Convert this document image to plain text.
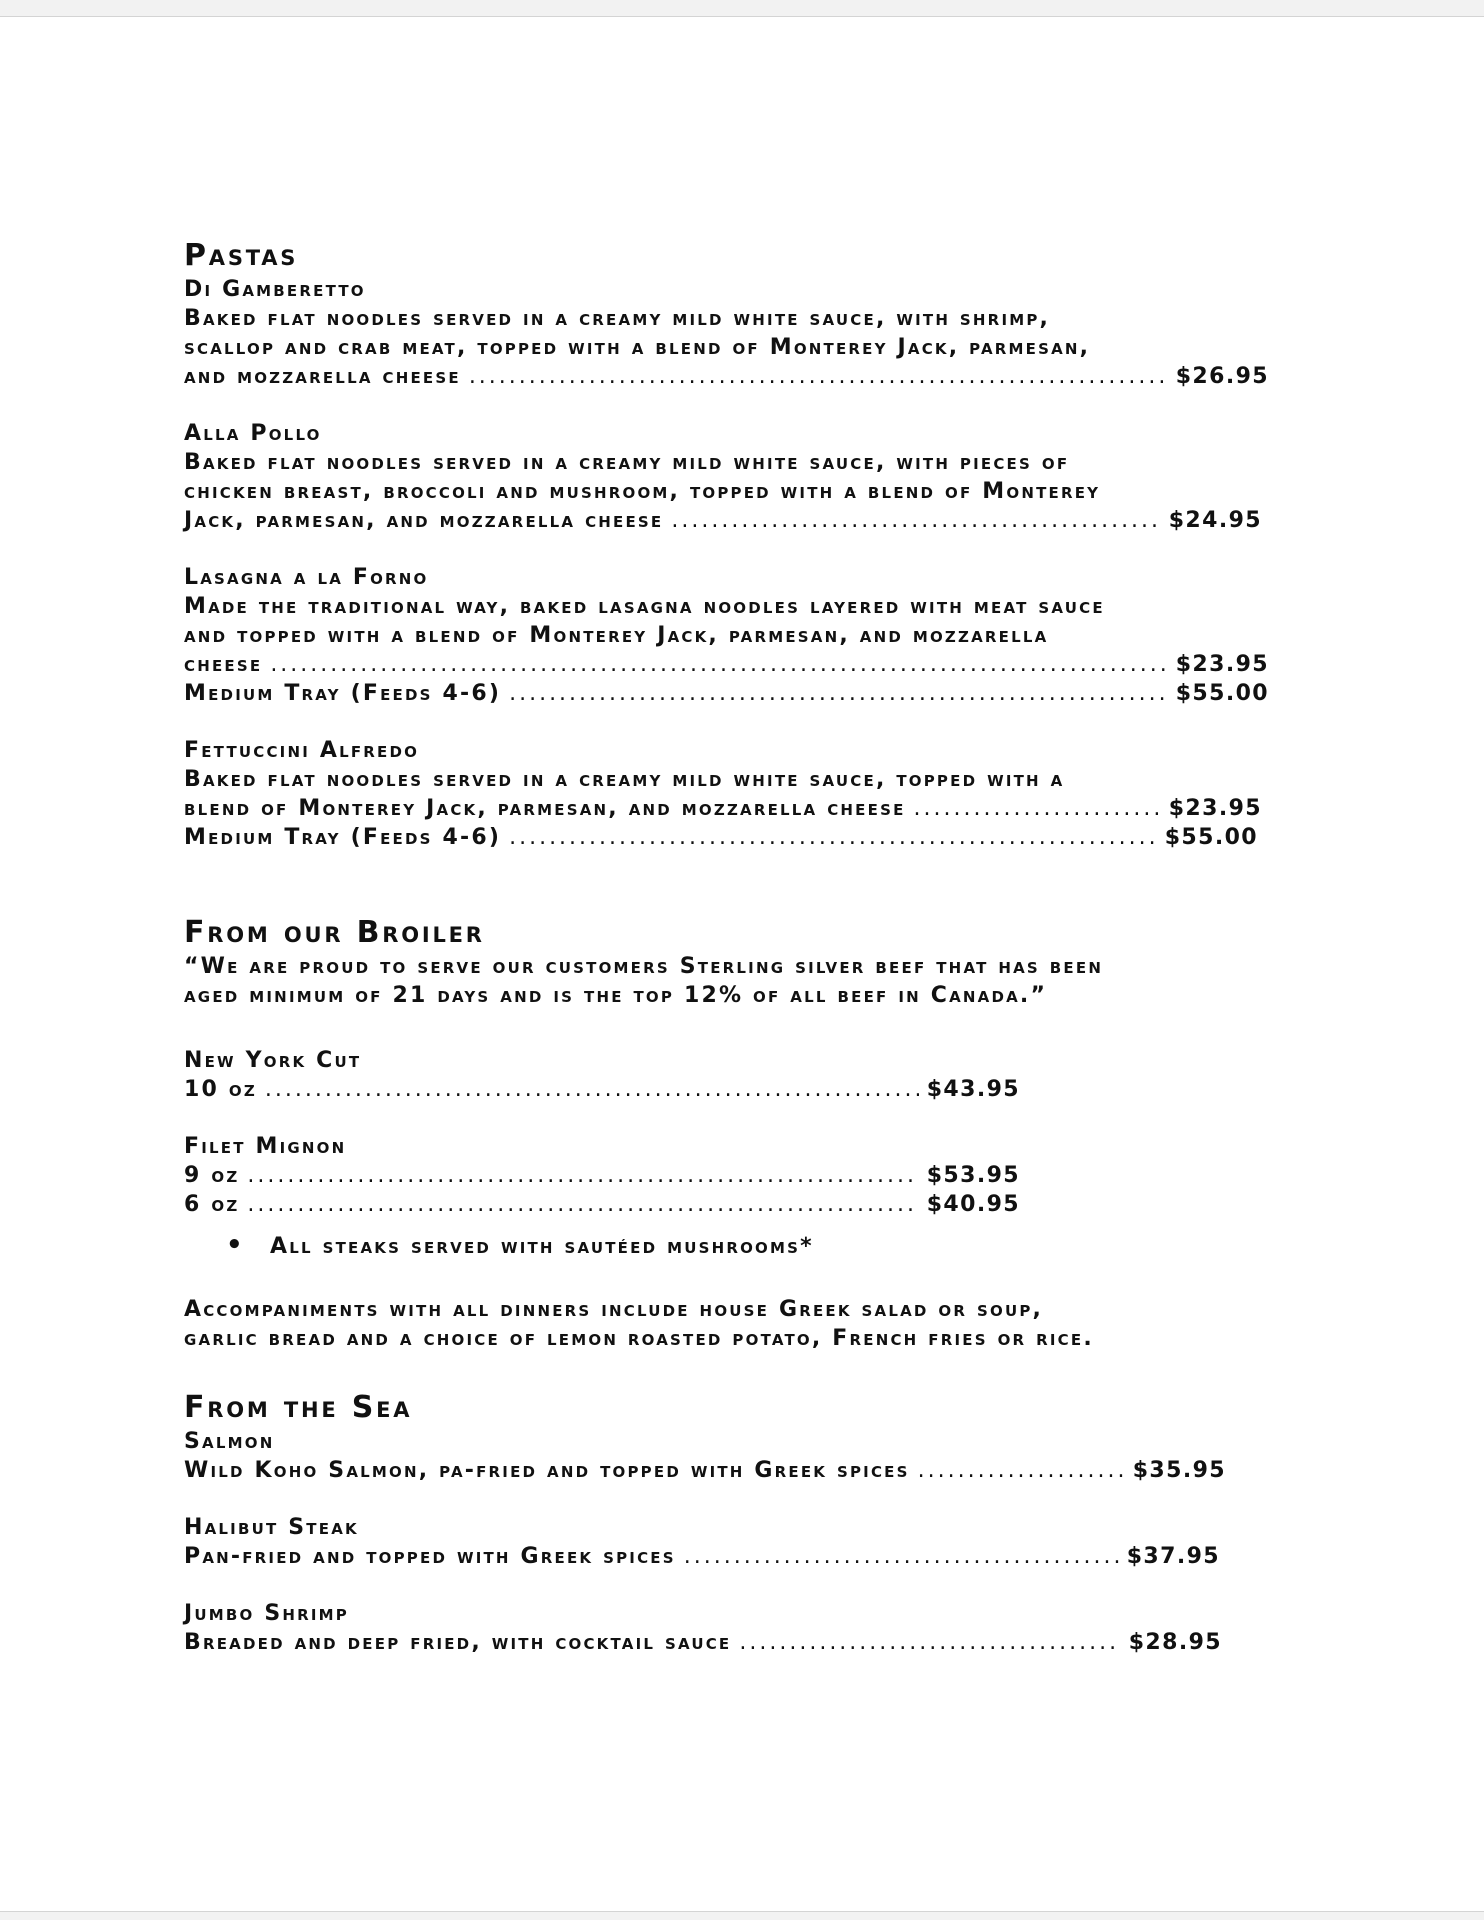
Pastas
Di Gamberetto
Baked flat noodles served in a creamy mild white sauce, with shrimp,
scallop and crab meat, topped with a blend of Monterey Jack, parmesan,
and mozzarella cheese .....	$26.95
Alla Pollo
Baked flat noodles served in a creamy mild white sauce, with pieces of
chicken breast, broccoli and mushroom, topped with a blend of Monterey
Jack, parmesan, and mozzarella cheese .....	$24.95
Lasagna a la Forno
Made the traditional way, baked lasagna noodles layered with meat sauce
and topped with a blend of Monterey Jack, parmesan, and mozzarella
cheese .....	$23.95
Medium Tray (Feeds 4-6) .....	$55.00
Fettuccini Alfredo
Baked flat noodles served in a creamy mild white sauce, topped with a
blend of Monterey Jack, parmesan, and mozzarella cheese .....	$23.95
Medium Tray (Feeds 4-6) .....	$55.00
From our Broiler
“We are proud to serve our customers Sterling silver beef that has been
aged minimum of 21 days and is the top 12% of all beef in Canada.”
New York Cut
10 oz .....	$43.95
Filet Mignon
9 oz .....	$53.95
6 oz .....	$40.95
•	All steaks served with sautéed mushrooms*
Accompaniments with all dinners include house Greek salad or soup,
garlic bread and a choice of lemon roasted potato, French fries or rice.
From the Sea
Salmon
Wild Koho Salmon, pa-fried and topped with Greek spices .....	$35.95
Halibut Steak
Pan-fried and topped with Greek spices .....	$37.95
Jumbo Shrimp
Breaded and deep fried, with cocktail sauce .....	$28.95
